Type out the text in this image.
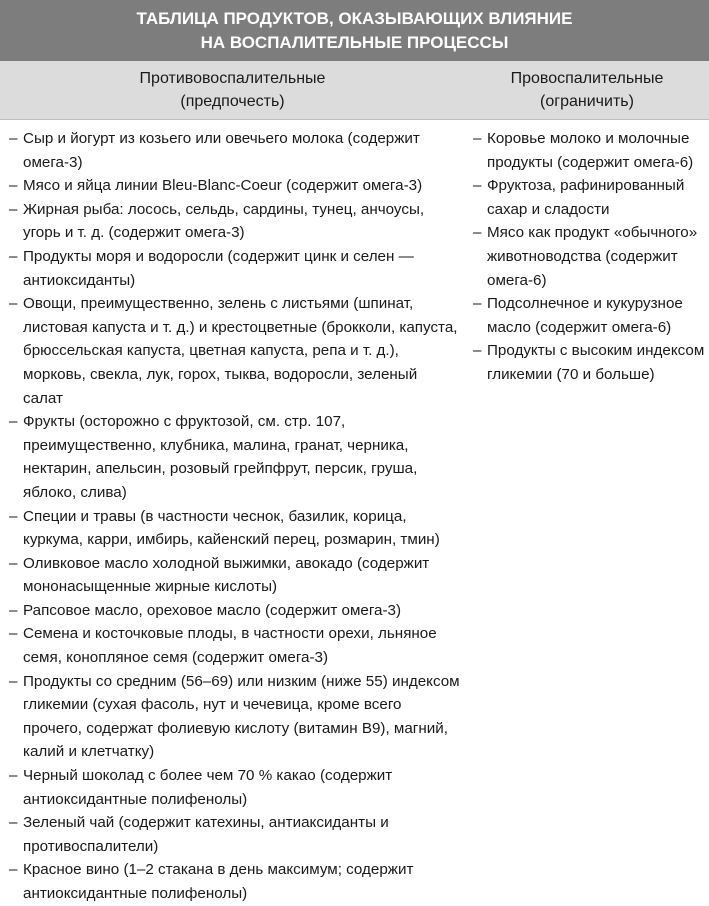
ТАБЛИЦА ПРОДУКТОВ, ОКАЗЫВАЮЩИХ ВЛИЯНИЕ
НА ВОСПАЛИТЕЛЬНЫЕ ПРОЦЕССЫ
Противовоспалительные
(предпочесть)
Провоспалительные
(ограничить)
– Сыр и йогурт из козьего или овечьего молока (содержит омега-3)
– Мясо и яйца линии Bleu-Blanc-Coeur (содержит омега-3)
– Жирная рыба: лосось, сельдь, сардины, тунец, анчоусы, угорь и т. д. (содержит омега-3)
– Продукты моря и водоросли (содержит цинк и селен — антиоксиданты)
– Овощи, преимущественно, зелень с листьями (шпинат, листовая капуста и т. д.) и крестоцветные (брокколи, капуста, брюссельская капуста, цветная капуста, репа и т. д.), морковь, свекла, лук, горох, тыква, водоросли, зеленый салат
– Фрукты (осторожно с фруктозой, см. стр. 107, преимущественно, клубника, малина, гранат, черника, нектарин, апельсин, розовый грейпфрут, персик, груша, яблоко, слива)
– Специи и травы (в частности чеснок, базилик, корица, куркума, карри, имбирь, кайенский перец, розмарин, тмин)
– Оливковое масло холодной выжимки, авокадо (содержит мононасыщенные жирные кислоты)
– Рапсовое масло, ореховое масло (содержит омега-3)
– Семена и косточковые плоды, в частности орехи, льняное семя, конопляное семя (содержит омега-3)
– Продукты со средним (56–69) или низким (ниже 55) индексом гликемии (сухая фасоль, нут и чечевица, кроме всего прочего, содержат фолиевую кислоту (витамин B9), магний, калий и клетчатку)
– Черный шоколад с более чем 70 % какао (содержит антиоксидантные полифенолы)
– Зеленый чай (содержит катехины, антиаксиданты и противоспалители)
– Красное вино (1–2 стакана в день максимум; содержит антиоксидантные полифенолы)
– Коровье молоко и молочные продукты (содержит омега-6)
– Фруктоза, рафинированный сахар и сладости
– Мясо как продукт «обычного» животноводства (содержит омега-6)
– Подсолнечное и кукурузное масло (содержит омега-6)
– Продукты с высоким индексом гликемии (70 и больше)
